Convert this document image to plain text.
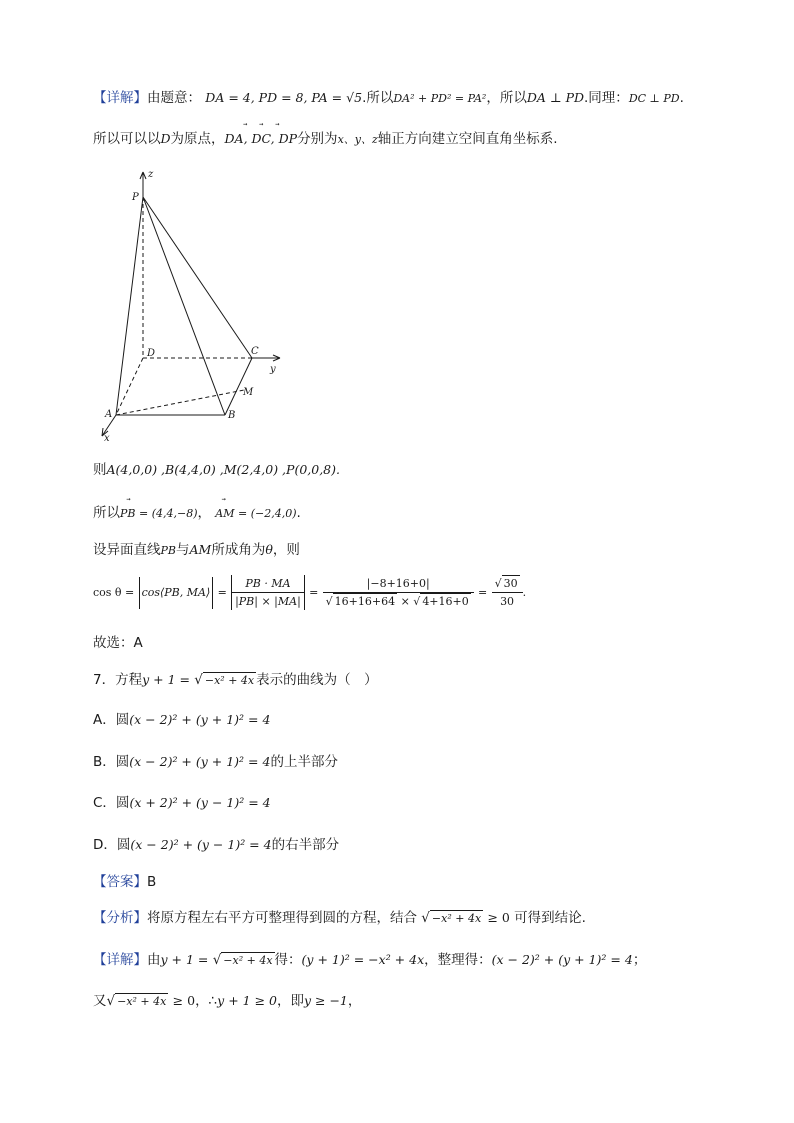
【详解】由题意： DA = 4, PD = 8, PA = √5.所以DA² + PD² = PA²，所以DA ⊥ PD.同理：DC ⊥ PD.
所以可以以D为原点，
→    →    →
DA, DC, DP分别为x、y、z轴正方向建立空间直角坐标系.
P
z
D	C
y
M
A	B
x
则A(4,0,0) ,B(4,4,0) ,M(2,4,0) ,P(0,0,8).
所以
→
PB = (4,4,−8)，
→
AM = (−2,4,0).
设异面直线PB与AM所成角为θ，则
cos θ = cos⟨PB, MA⟩ = $\frac{PB \cdot MA}{|PB| \times |MA|} = \frac{|-8+16+0|}{√ 16+16+64 \times √ 4+16+0} = \frac{√ 30}{30}$ .
故选：A
7．方程y + 1 = √ −x² + 4x 表示的曲线为（　）
A．圆(x − 2)² + (y + 1)² = 4
B．圆(x − 2)² + (y + 1)² = 4的上半部分
C．圆(x + 2)² + (y − 1)² = 4
D．圆(x − 2)² + (y − 1)² = 4的右半部分
【答案】B
【分析】将原方程左右平方可整理得到圆的方程，结合 √ −x² + 4x ≥ 0 可得到结论.
【详解】由y + 1 = √ −x² + 4x 得：(y + 1)² = −x² + 4x，整理得：(x − 2)² + (y + 1)² = 4；
又√ −x² + 4x ≥ 0，∴y + 1 ≥ 0，即y ≥ −1，
